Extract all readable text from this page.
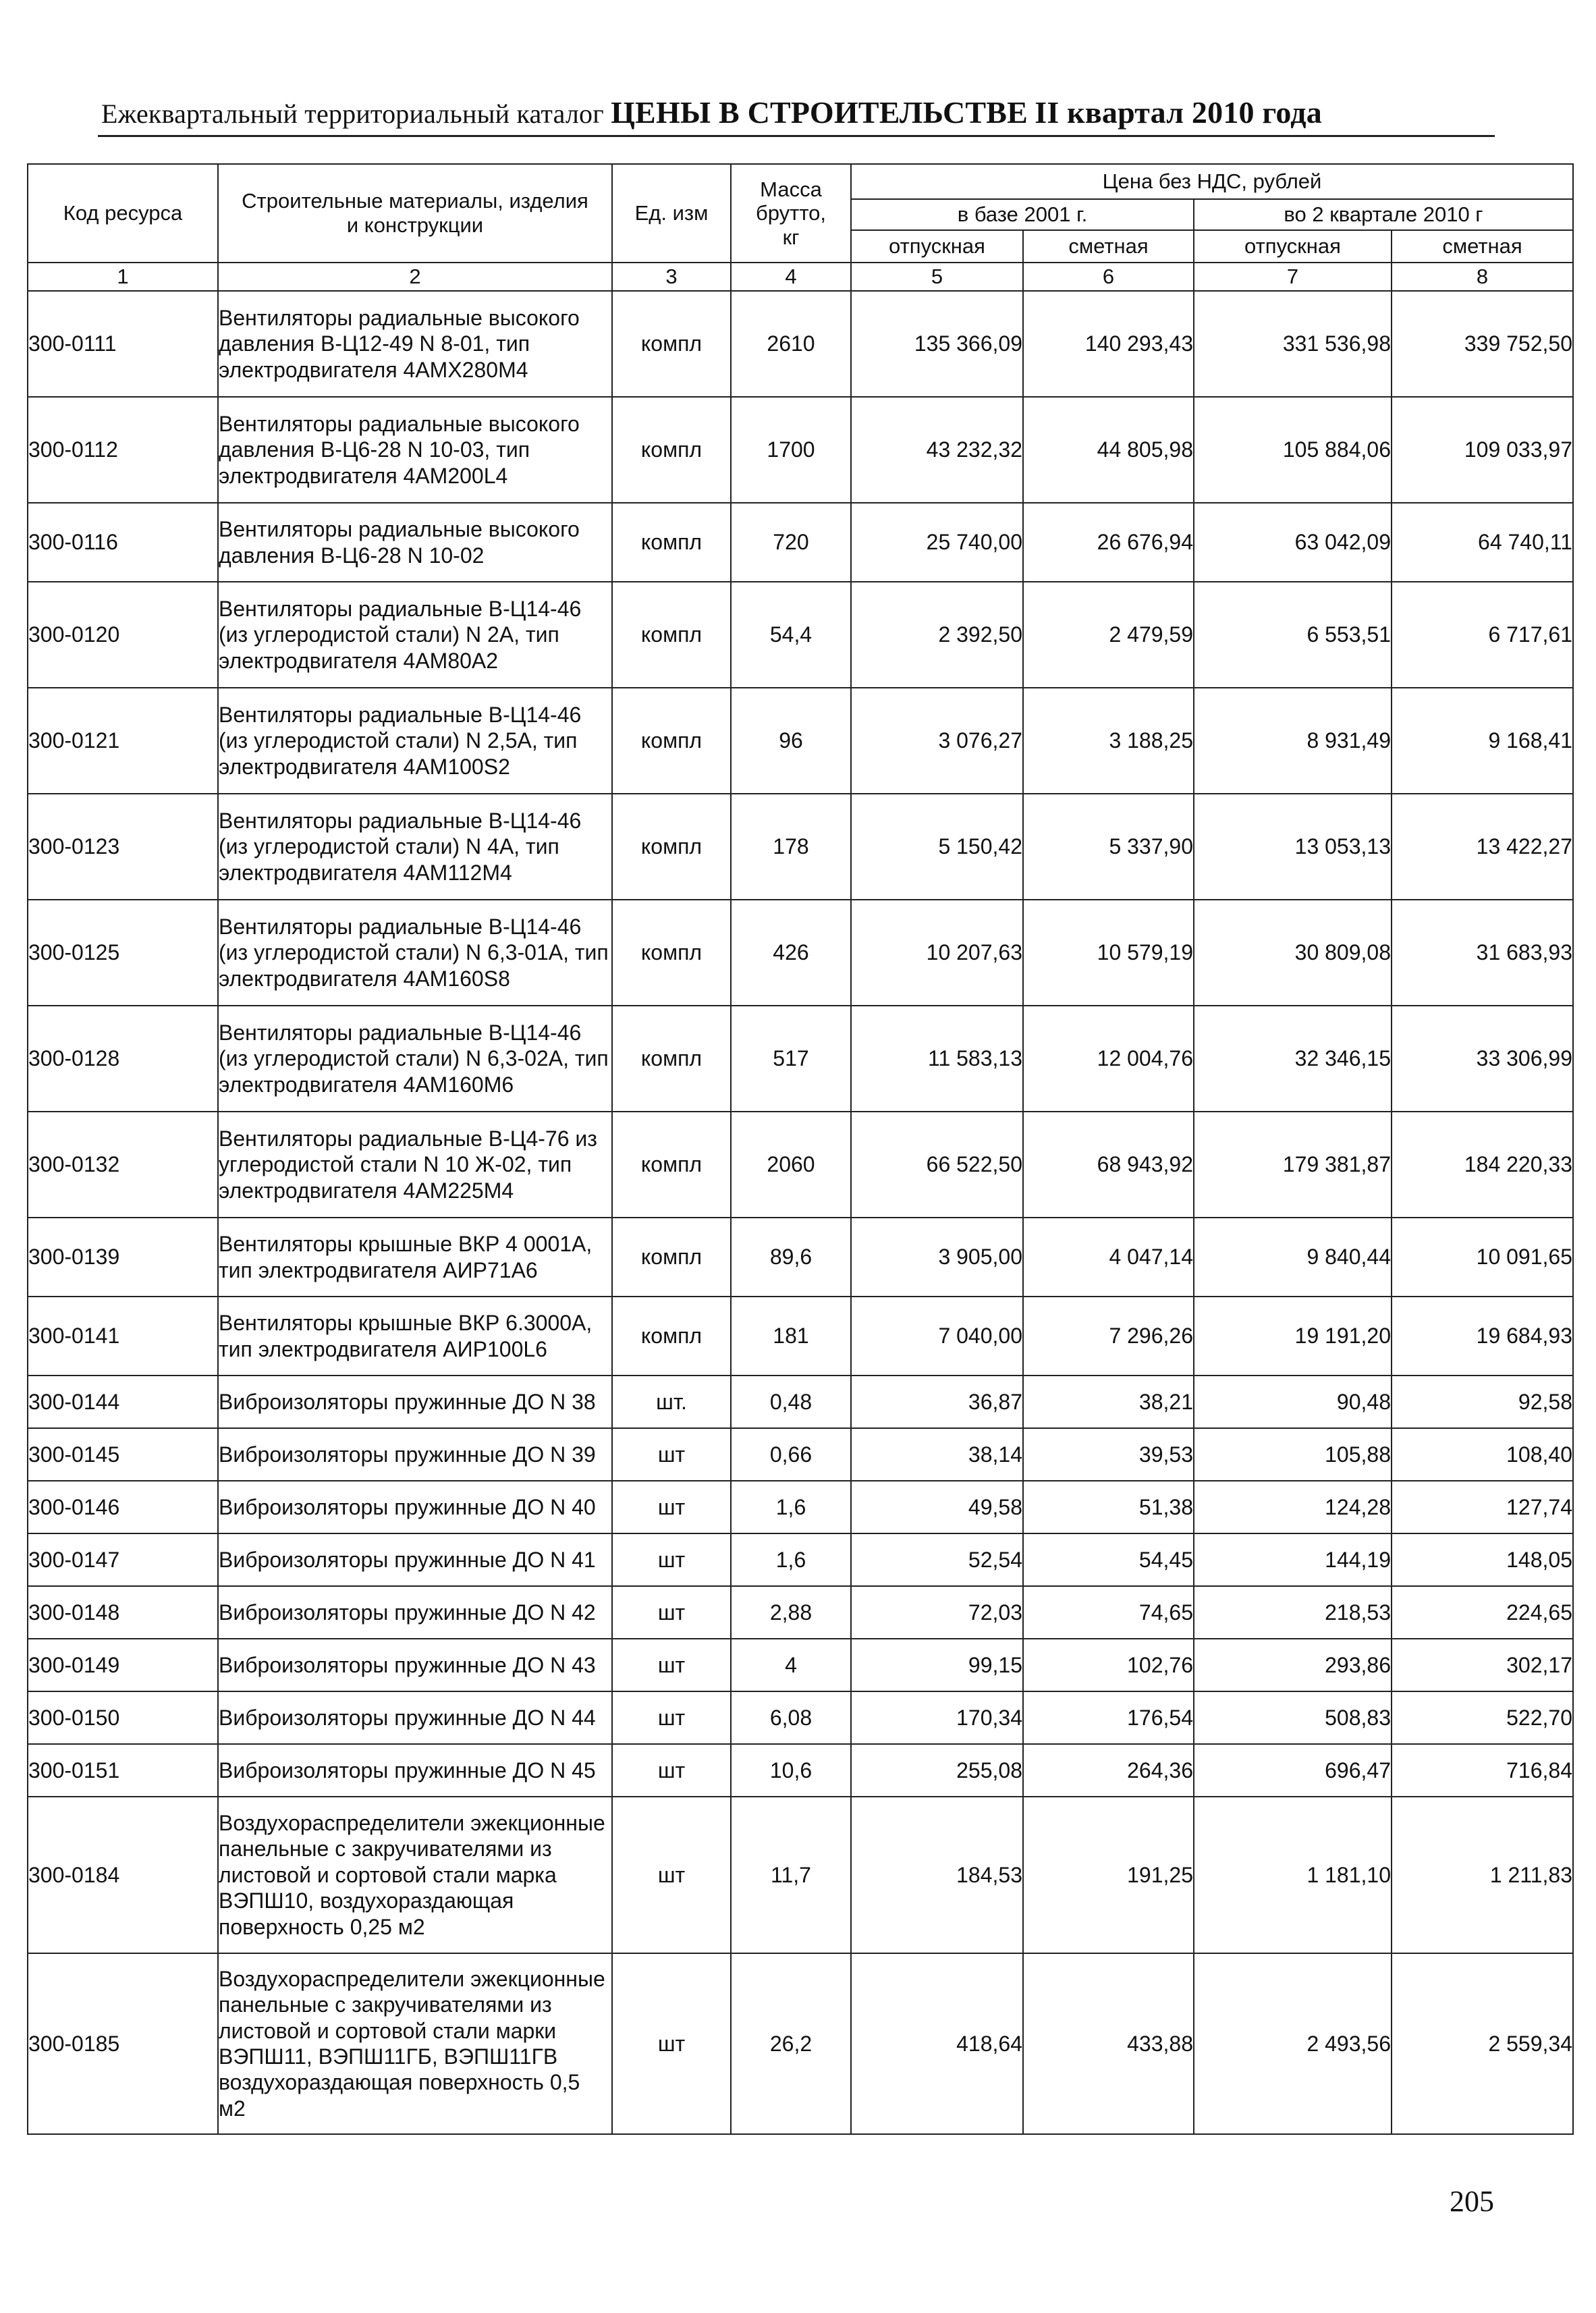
Ежеквартальный территориальный каталог ЦЕНЫ В СТРОИТЕЛЬСТВЕ II квартал 2010 года
Код ресурса	Строительные материалы, изделия и конструкции	Ед. изм	Масса брутто, кг	Цена без НДС, рублей			
				в базе 2001 г.		во 2 квартале 2010 г	
				отпускная	сметная	отпускная	сметная
1	2	3	4	5	6	7	8
300-0111	Вентиляторы радиальные высокого давления В-Ц12-49 N 8-01, тип электродвигателя 4АМХ280М4	компл	2610	135 366,09	140 293,43	331 536,98	339 752,50
300-0112	Вентиляторы радиальные высокого давления В-Ц6-28 N 10-03, тип электродвигателя 4АМ200L4	компл	1700	43 232,32	44 805,98	105 884,06	109 033,97
300-0116	Вентиляторы радиальные высокого давления В-Ц6-28 N 10-02	компл	720	25 740,00	26 676,94	63 042,09	64 740,11
300-0120	Вентиляторы радиальные В-Ц14-46 (из углеродистой стали) N 2А, тип электродвигателя 4АМ80А2	компл	54,4	2 392,50	2 479,59	6 553,51	6 717,61
300-0121	Вентиляторы радиальные В-Ц14-46 (из углеродистой стали) N 2,5А, тип электродвигателя 4АМ100S2	компл	96	3 076,27	3 188,25	8 931,49	9 168,41
300-0123	Вентиляторы радиальные В-Ц14-46 (из углеродистой стали) N 4А, тип электродвигателя 4АМ112М4	компл	178	5 150,42	5 337,90	13 053,13	13 422,27
300-0125	Вентиляторы радиальные В-Ц14-46 (из углеродистой стали) N 6,3-01А, тип электродвигателя 4АМ160S8	компл	426	10 207,63	10 579,19	30 809,08	31 683,93
300-0128	Вентиляторы радиальные В-Ц14-46 (из углеродистой стали) N 6,3-02А, тип электродвигателя 4АМ160М6	компл	517	11 583,13	12 004,76	32 346,15	33 306,99
300-0132	Вентиляторы радиальные В-Ц4-76 из углеродистой стали N 10 Ж-02, тип электродвигателя 4АМ225М4	компл	2060	66 522,50	68 943,92	179 381,87	184 220,33
300-0139	Вентиляторы крышные ВКР 4 0001А, тип электродвигателя АИР71А6	компл	89,6	3 905,00	4 047,14	9 840,44	10 091,65
300-0141	Вентиляторы крышные ВКР 6.3000А, тип электродвигателя АИР100L6	компл	181	7 040,00	7 296,26	19 191,20	19 684,93
300-0144	Виброизоляторы пружинные ДО N 38	шт.	0,48	36,87	38,21	90,48	92,58
300-0145	Виброизоляторы пружинные ДО N 39	шт	0,66	38,14	39,53	105,88	108,40
300-0146	Виброизоляторы пружинные ДО N 40	шт	1,6	49,58	51,38	124,28	127,74
300-0147	Виброизоляторы пружинные ДО N 41	шт	1,6	52,54	54,45	144,19	148,05
300-0148	Виброизоляторы пружинные ДО N 42	шт	2,88	72,03	74,65	218,53	224,65
300-0149	Виброизоляторы пружинные ДО N 43	шт	4	99,15	102,76	293,86	302,17
300-0150	Виброизоляторы пружинные ДО N 44	шт	6,08	170,34	176,54	508,83	522,70
300-0151	Виброизоляторы пружинные ДО N 45	шт	10,6	255,08	264,36	696,47	716,84
300-0184	Воздухораспределители эжекционные панельные с закручивателями из листовой и сортовой стали марка ВЭПШ10, воздухораздающая поверхность 0,25 м2	шт	11,7	184,53	191,25	1 181,10	1 211,83
300-0185	Воздухораспределители эжекционные панельные с закручивателями из листовой и сортовой стали марки ВЭПШ11, ВЭПШ11ГБ, ВЭПШ11ГВ воздухораздающая поверхность 0,5 м2	шт	26,2	418,64	433,88	2 493,56	2 559,34
205
